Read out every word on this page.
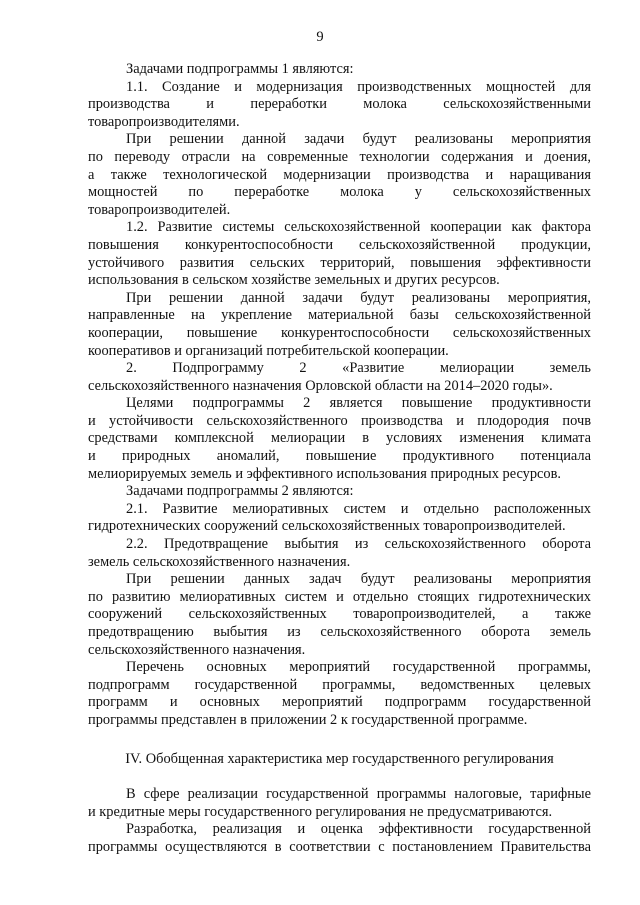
9
Задачами подпрограммы 1 являются:
1.1. Создание и модернизация производственных мощностей для
производства и переработки молока сельскохозяйственными
товаропроизводителями.
При решении данной задачи будут реализованы мероприятия
по переводу отрасли на современные технологии содержания и доения,
а также технологической модернизации производства и наращивания
мощностей по переработке молока у сельскохозяйственных
товаропроизводителей.
1.2. Развитие системы сельскохозяйственной кооперации как фактора
повышения конкурентоспособности сельскохозяйственной продукции,
устойчивого развития сельских территорий, повышения эффективности
использования в сельском хозяйстве земельных и других ресурсов.
При решении данной задачи будут реализованы мероприятия,
направленные на укрепление материальной базы сельскохозяйственной
кооперации, повышение конкурентоспособности сельскохозяйственных
кооперативов и организаций потребительской кооперации.
2. Подпрограмму 2 «Развитие мелиорации земель
сельскохозяйственного назначения Орловской области на 2014–2020 годы».
Целями подпрограммы 2 является повышение продуктивности
и устойчивости сельскохозяйственного производства и плодородия почв
средствами комплексной мелиорации в условиях изменения климата
и природных аномалий, повышение продуктивного потенциала
мелиорируемых земель и эффективного использования природных ресурсов.
Задачами подпрограммы 2 являются:
2.1. Развитие мелиоративных систем и отдельно расположенных
гидротехнических сооружений сельскохозяйственных товаропроизводителей.
2.2. Предотвращение выбытия из сельскохозяйственного оборота
земель сельскохозяйственного назначения.
При решении данных задач будут реализованы мероприятия
по развитию мелиоративных систем и отдельно стоящих гидротехнических
сооружений сельскохозяйственных товаропроизводителей, а также
предотвращению выбытия из сельскохозяйственного оборота земель
сельскохозяйственного назначения.
Перечень основных мероприятий государственной программы,
подпрограмм государственной программы, ведомственных целевых
программ и основных мероприятий подпрограмм государственной
программы представлен в приложении 2 к государственной программе.
IV. Обобщенная характеристика мер государственного регулирования
В сфере реализации государственной программы налоговые, тарифные
и кредитные меры государственного регулирования не предусматриваются.
Разработка, реализация и оценка эффективности государственной
программы осуществляются в соответствии с постановлением Правительства
